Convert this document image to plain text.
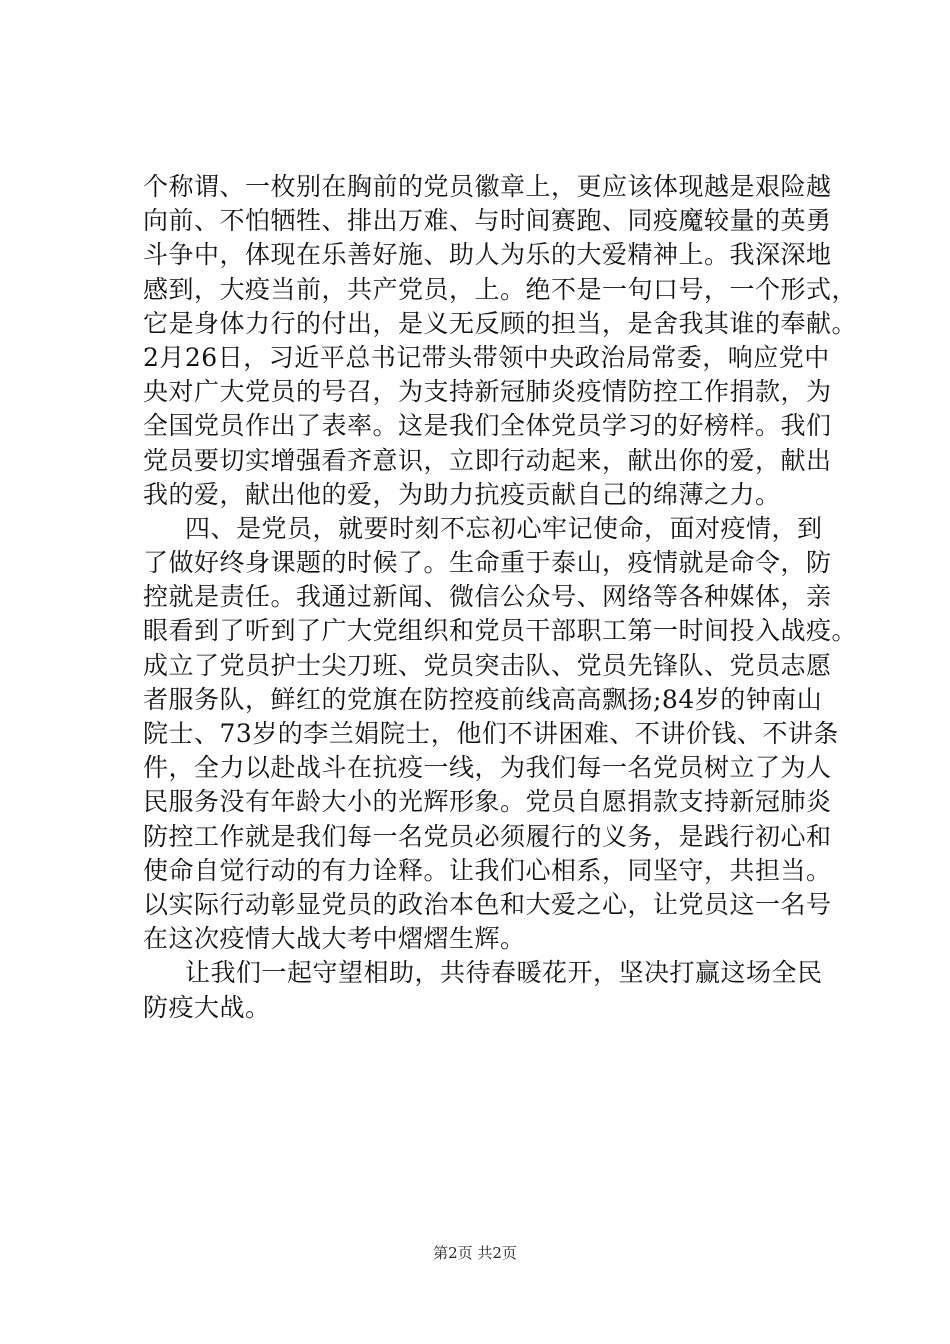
个称谓、一枚别在胸前的党员徽章上，更应该体现越是艰险越
向前、不怕牺牲、排出万难、与时间赛跑、同疫魔较量的英勇
斗争中，体现在乐善好施、助人为乐的大爱精神上。我深深地
感到，大疫当前，共产党员，上。绝不是一句口号，一个形式，
它是身体力行的付出，是义无反顾的担当，是舍我其谁的奉献。
2月26日，习近平总书记带头带领中央政治局常委，响应党中
央对广大党员的号召，为支持新冠肺炎疫情防控工作捐款，为
全国党员作出了表率。这是我们全体党员学习的好榜样。我们
党员要切实增强看齐意识，立即行动起来，献出你的爱，献出
我的爱，献出他的爱，为助力抗疫贡献自己的绵薄之力。
四、是党员，就要时刻不忘初心牢记使命，面对疫情，到
了做好终身课题的时候了。生命重于泰山，疫情就是命令，防
控就是责任。我通过新闻、微信公众号、网络等各种媒体，亲
眼看到了听到了广大党组织和党员干部职工第一时间投入战疫。
成立了党员护士尖刀班、党员突击队、党员先锋队、党员志愿
者服务队，鲜红的党旗在防控疫前线高高飘扬;84岁的钟南山
院士、73岁的李兰娟院士，他们不讲困难、不讲价钱、不讲条
件，全力以赴战斗在抗疫一线，为我们每一名党员树立了为人
民服务没有年龄大小的光辉形象。党员自愿捐款支持新冠肺炎
防控工作就是我们每一名党员必须履行的义务，是践行初心和
使命自觉行动的有力诠释。让我们心相系，同坚守，共担当。
以实际行动彰显党员的政治本色和大爱之心，让党员这一名号
在这次疫情大战大考中熠熠生辉。
让我们一起守望相助，共待春暖花开，坚决打赢这场全民
防疫大战。
第2页 共2页
